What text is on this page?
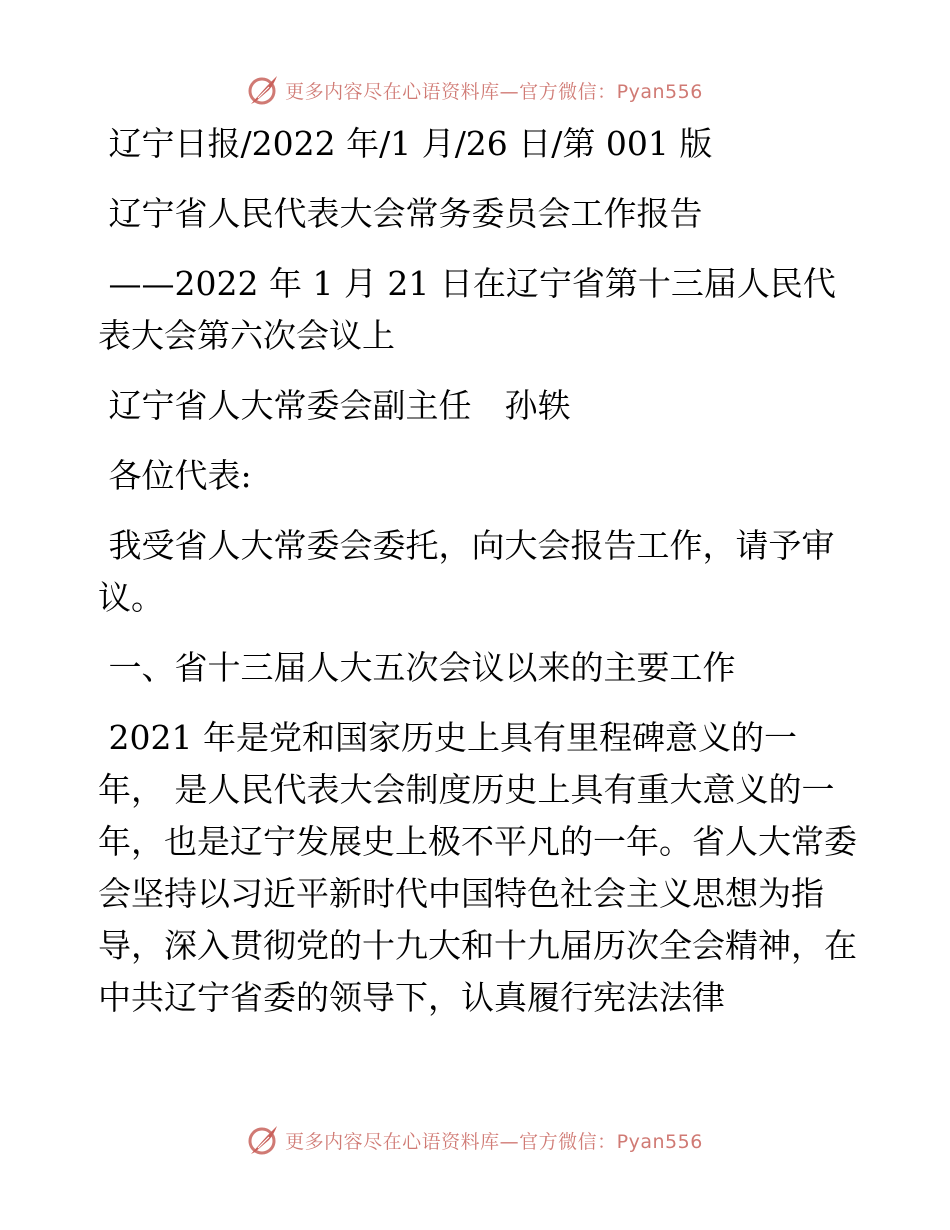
更多内容尽在心语资料库—官方微信：Pyan556

辽宁日报/2022 年/1 月/26 日/第 001 版

辽宁省人民代表大会常务委员会工作报告

——2022 年 1 月 21 日在辽宁省第十三届人民代表大会第六次会议上

辽宁省人大常委会副主任　孙轶

各位代表:

我受省人大常委会委托，向大会报告工作，请予审议。

一、省十三届人大五次会议以来的主要工作

2021 年是党和国家历史上具有里程碑意义的一年， 是人民代表大会制度历史上具有重大意义的一年，也是辽宁发展史上极不平凡的一年。省人大常委会坚持以习近平新时代中国特色社会主义思想为指导，深入贯彻党的十九大和十九届历次全会精神，在中共辽宁省委的领导下，认真履行宪法法律

更多内容尽在心语资料库—官方微信：Pyan556
